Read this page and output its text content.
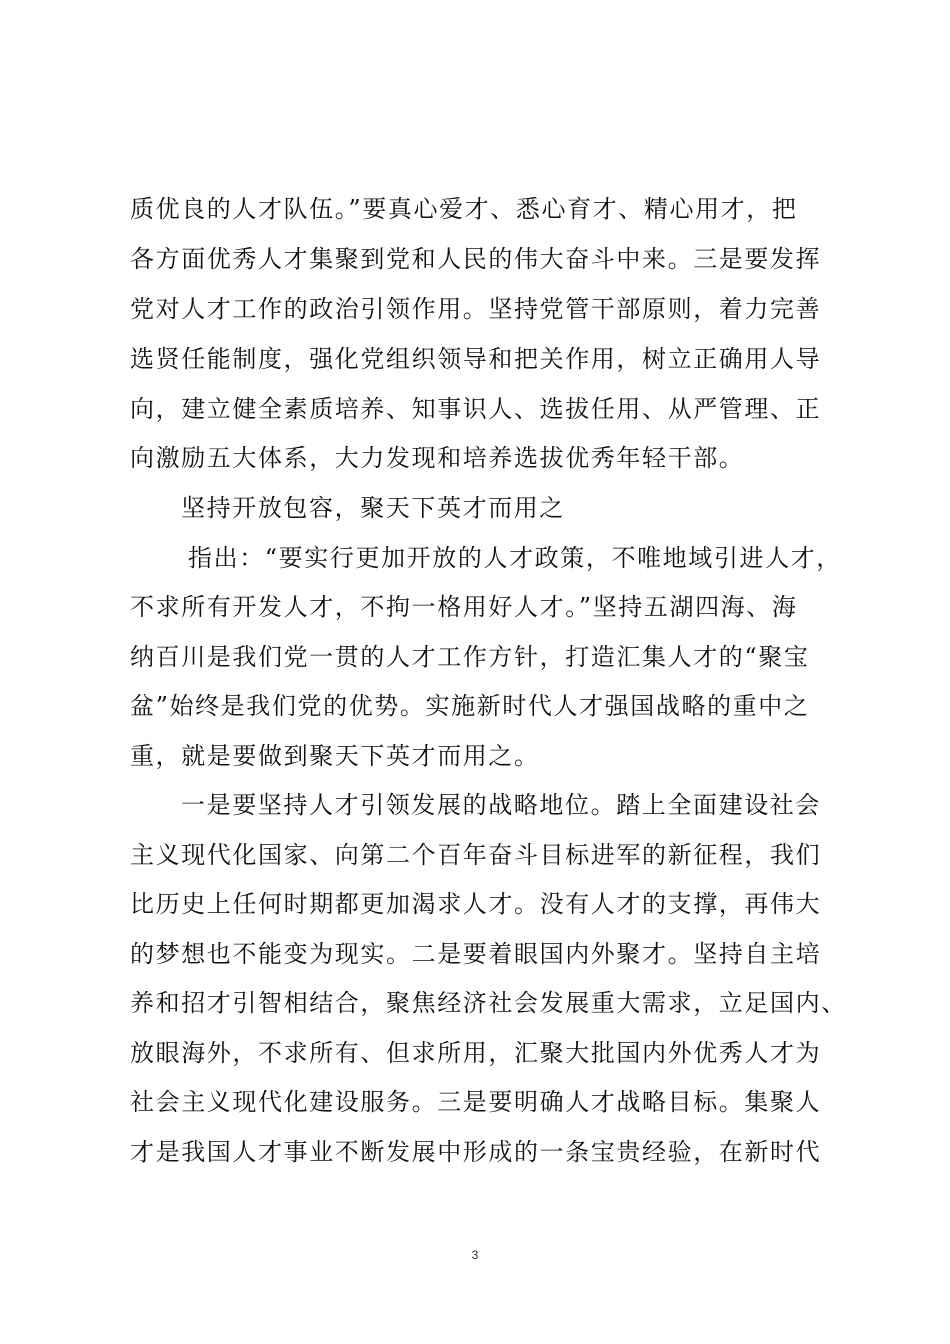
质优良的人才队伍。”要真心爱才、悉心育才、精心用才，把
各方面优秀人才集聚到党和人民的伟大奋斗中来。三是要发挥
党对人才工作的政治引领作用。坚持党管干部原则，着力完善
选贤任能制度，强化党组织领导和把关作用，树立正确用人导
向，建立健全素质培养、知事识人、选拔任用、从严管理、正
向激励五大体系，大力发现和培养选拔优秀年轻干部。
坚持开放包容，聚天下英才而用之
指出：“要实行更加开放的人才政策，不唯地域引进人才，
不求所有开发人才，不拘一格用好人才。”坚持五湖四海、海
纳百川是我们党一贯的人才工作方针，打造汇集人才的“聚宝
盆”始终是我们党的优势。实施新时代人才强国战略的重中之
重，就是要做到聚天下英才而用之。
一是要坚持人才引领发展的战略地位。踏上全面建设社会
主义现代化国家、向第二个百年奋斗目标进军的新征程，我们
比历史上任何时期都更加渴求人才。没有人才的支撑，再伟大
的梦想也不能变为现实。二是要着眼国内外聚才。坚持自主培
养和招才引智相结合，聚焦经济社会发展重大需求，立足国内、
放眼海外，不求所有、但求所用，汇聚大批国内外优秀人才为
社会主义现代化建设服务。三是要明确人才战略目标。集聚人
才是我国人才事业不断发展中形成的一条宝贵经验，在新时代
3
